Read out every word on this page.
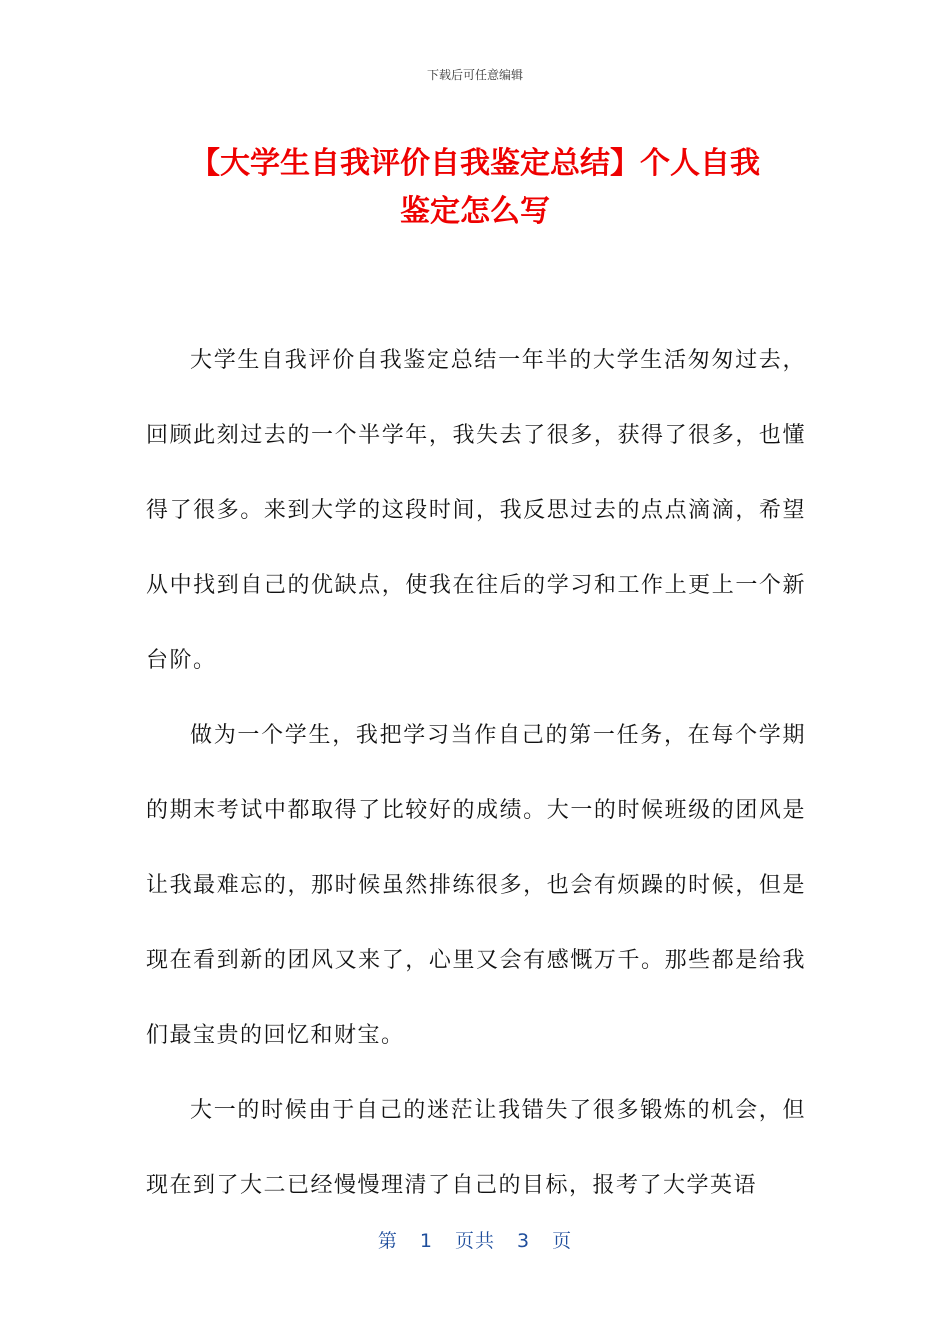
下载后可任意编辑
【大学生自我评价自我鉴定总结】个人自我
鉴定怎么写

大学生自我评价自我鉴定总结一年半的大学生活匆匆过去，回顾此刻过去的一个半学年，我失去了很多，获得了很多，也懂得了很多。来到大学的这段时间，我反思过去的点点滴滴，希望从中找到自己的优缺点，使我在往后的学习和工作上更上一个新台阶。

做为一个学生，我把学习当作自己的第一任务，在每个学期的期末考试中都取得了比较好的成绩。大一的时候班级的团风是让我最难忘的，那时候虽然排练很多，也会有烦躁的时候，但是现在看到新的团风又来了，心里又会有感慨万千。那些都是给我们最宝贵的回忆和财宝。

大一的时候由于自己的迷茫让我错失了很多锻炼的机会，但现在到了大二已经慢慢理清了自己的目标，报考了大学英语

第 1 页共 3 页
